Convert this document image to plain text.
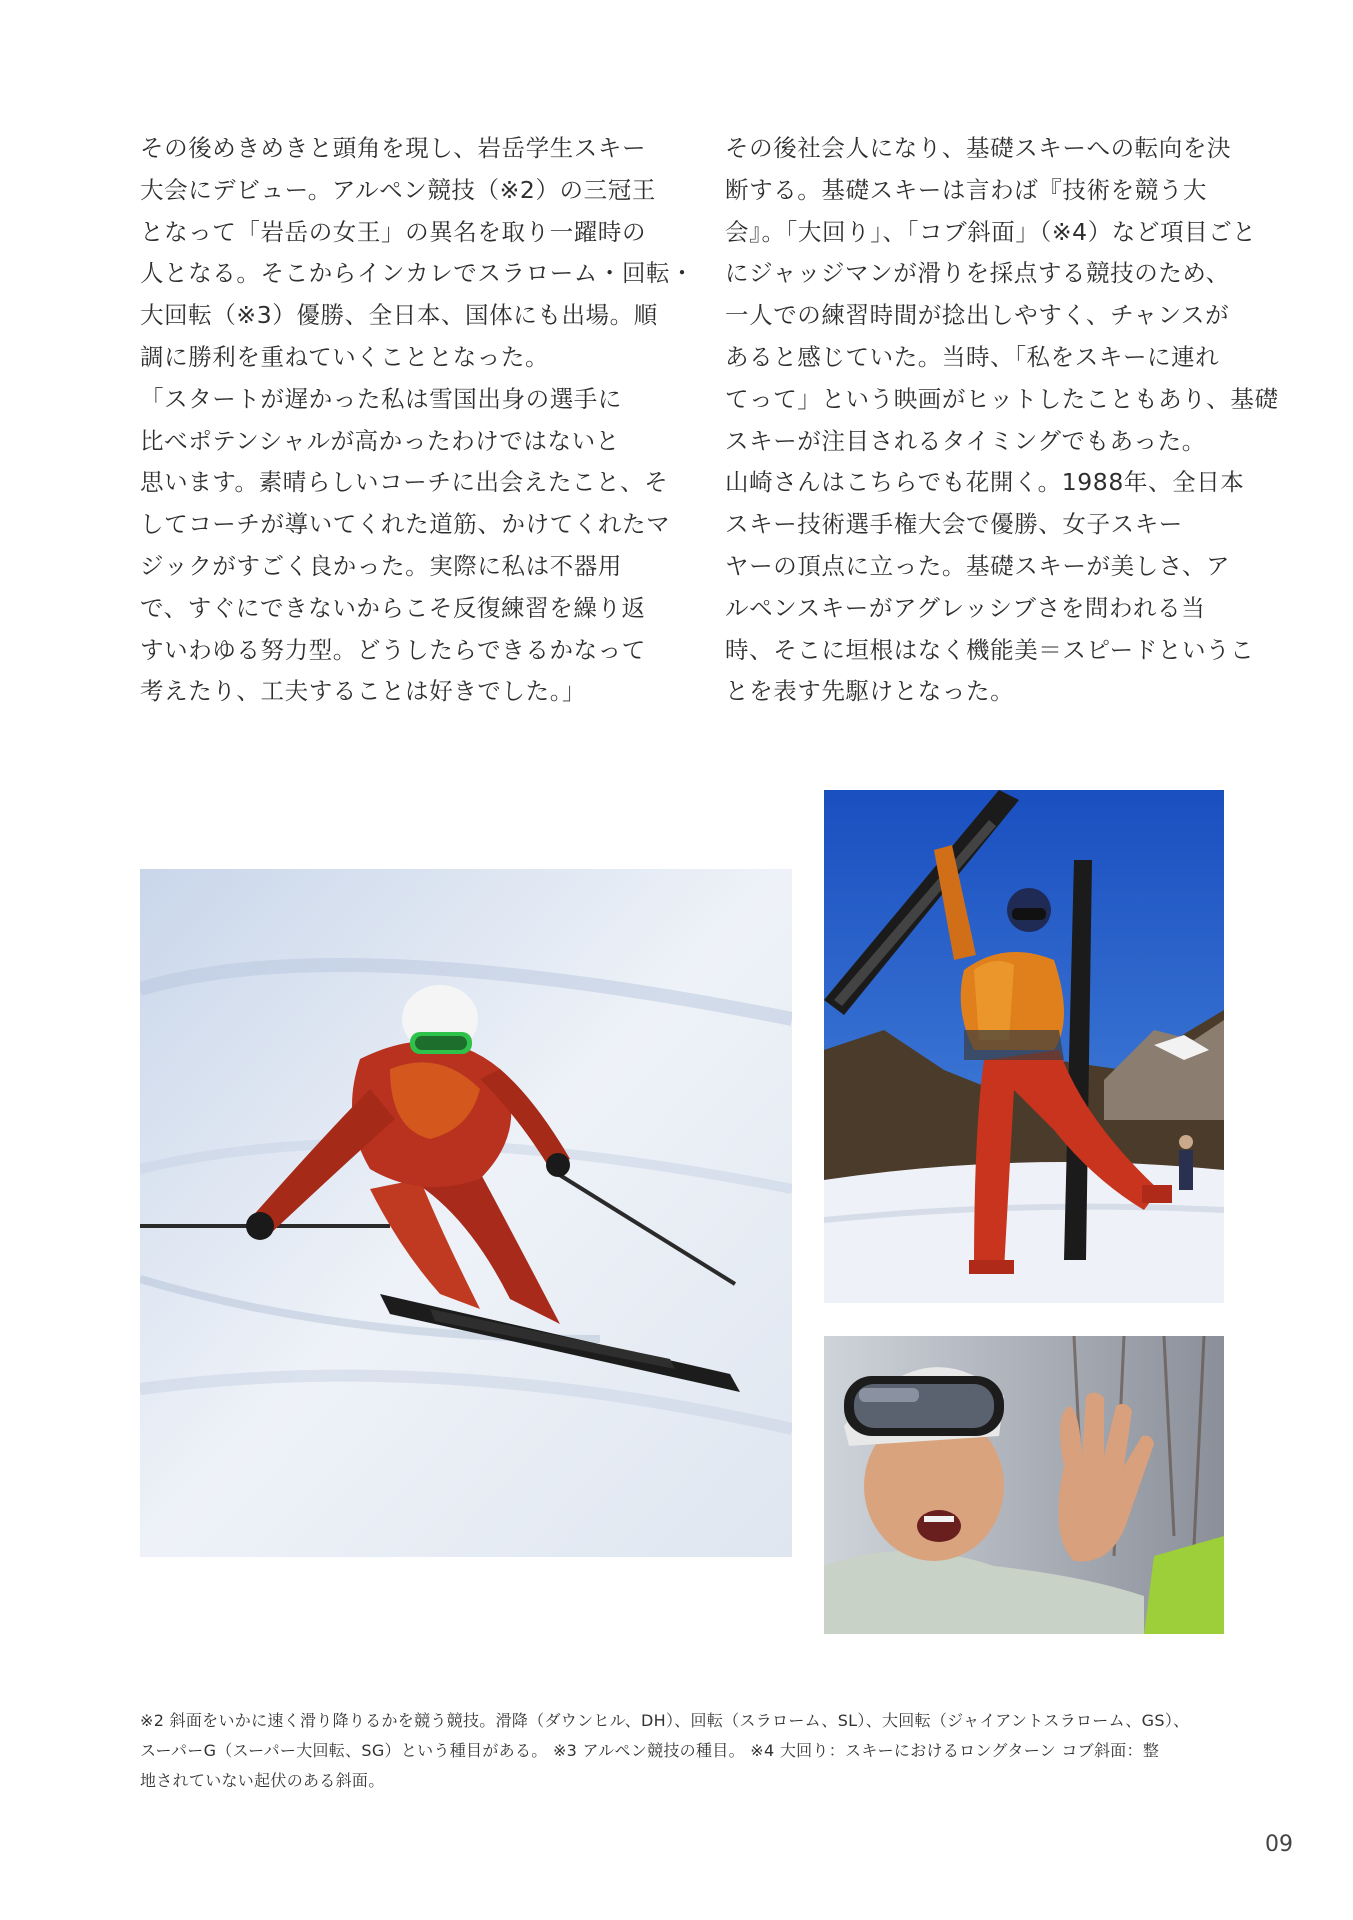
その後めきめきと頭角を現し、岩岳学生スキー
大会にデビュー。アルペン競技（※2）の三冠王
となって「岩岳の女王」の異名を取り一躍時の
人となる。そこからインカレでスラローム・回転・
大回転（※3）優勝、全日本、国体にも出場。順
調に勝利を重ねていくこととなった。
「スタートが遅かった私は雪国出身の選手に
比べポテンシャルが高かったわけではないと
思います。素晴らしいコーチに出会えたこと、そ
してコーチが導いてくれた道筋、かけてくれたマ
ジックがすごく良かった。実際に私は不器用
で、すぐにできないからこそ反復練習を繰り返
すいわゆる努力型。どうしたらできるかなって
考えたり、工夫することは好きでした。」
その後社会人になり、基礎スキーへの転向を決
断する。基礎スキーは言わば『技術を競う大
会』。「大回り」、「コブ斜面」（※4）など項目ごと
にジャッジマンが滑りを採点する競技のため、
一人での練習時間が捻出しやすく、チャンスが
あると感じていた。当時、「私をスキーに連れ
てって」という映画がヒットしたこともあり、基礎
スキーが注目されるタイミングでもあった。
山崎さんはこちらでも花開く。1988年、全日本
スキー技術選手権大会で優勝、女子スキー
ヤーの頂点に立った。基礎スキーが美しさ、ア
ルペンスキーがアグレッシブさを問われる当
時、そこに垣根はなく機能美＝スピードというこ
とを表す先駆けとなった。
※2 斜面をいかに速く滑り降りるかを競う競技。滑降（ダウンヒル、DH）、回転（スラローム、SL）、大回転（ジャイアントスラローム、GS）、
スーパーG（スーパー大回転、SG）という種目がある。 ※3 アルペン競技の種目。 ※4 大回り：スキーにおけるロングターン コブ斜面：整
地されていない起伏のある斜面。
09
